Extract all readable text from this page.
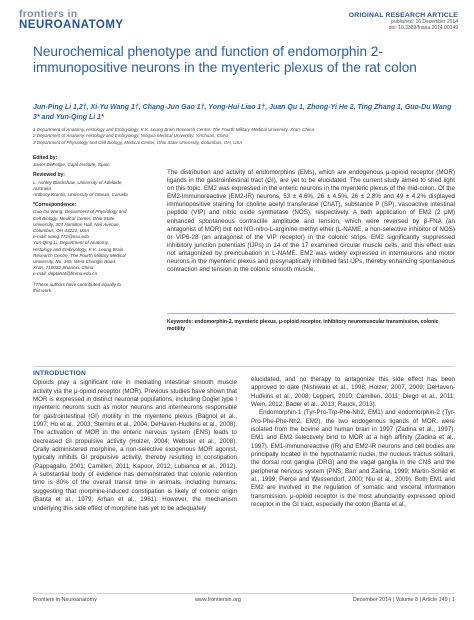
frontiers in
NEUROANATOMY
ORIGINAL RESEARCH ARTICLE
published: 16 December 2014
doi: 10.3389/fnana.2014.00149
Neurochemical phenotype and function of endomorphin 2-immunopositive neurons in the myenteric plexus of the rat colon
Jun-Ping Li 1,2†, Xi-Yu Wang 1†, Chang-Jun Gao 1†, Yong-Hui Liao 1†, Juan Qu 1, Zhong-Yi He 2, Ting Zhang 1, Guo-Du Wang 3* and Yun-Qing Li 1*
1 Department of Anatomy, Histology and Embryology, K.K. Leung Brain Research Centre, The Fourth Military Medical University, Xi'an, China
2 Department of Anatomy, Histology and Embryology, Ningxia Medical University, Yinchuan, China
3 Department of Physiology and Cell Biology, Medical Center, Ohio State University, Columbus, OH, USA
Edited by:
Javier DeFelipe, Cajal Institute, Spain
Reviewed by:
L. Ashley Blackshaw, University of Adelaide, Australia
Anthony Krantis, University of Ottawa, Canada
*Correspondence:
Guo-Du Wang, Department of Physiology and Cell Biology, Medical Center, Ohio State University, 303 Hamilton Hall, Neil Avenue, Columbus, OH 43221, USA
e-mail: wang.772@osu.edu
Yun-Qing Li, Department of Anatomy, Histology and Embryology, K.K. Leung Brain Research Centre, The Fourth Military Medical University, No. 169, West Changle Road, Xi'an, 710032 Shaanxi, China
e-mail: deptanat@fmmu.edu.cn
†These authors have contributed equally to this work.
The distribution and activity of endomorphins (EMs), which are endogenous μ-opioid receptor (MOR) ligands in the gastrointestinal tract (GI), are yet to be elucidated. The current study aimed to shed light on this topic. EM2 was expressed in the enteric neurons in the myenteric plexus of the mid-colon. Of the EM2-immunoreactive (EM2-IR) neurons, 53 ± 4.6%, 26 ± 4.5%, 26 ± 2.8% and 49 ± 4.2% displayed immunopositive staining for choline acetyl transferase (ChAT), substance P (SP), vasoactive intestinal peptide (VIP) and nitric oxide synthetase (NOS), respectively. A bath application of EM2 (2 μM) enhanced spontaneous contractile amplitude and tension, which were reversed by β-FNA (an antagonist of MOR) but not NG-nitro-L-arginine methyl ether (L-NAME, a non-selective inhibitor of NOS) or VIP6-28 (an antagonist of the VIP receptor) in the colonic strips. EM2 significantly suppressed inhibitory junction potentials (IJPs) in 14 of the 17 examined circular muscle cells, and this effect was not antagonized by preincubation in L-NAME. EM2 was widely expressed in interneurons and motor neurons in the myenteric plexus and presynaptically inhibited fast IJPs, thereby enhancing spontaneous contraction and tension in the colonic smooth muscle.
Keywords: endomorphin-2, myenteric plexus, μ-opioid receptor, inhibitory neuromuscular transmission, colonic motility
INTRODUCTION
Opioids play a significant role in mediating intestinal smooth muscle activity via the μ-opioid receptor (MOR). Previous studies have shown that MOR is expressed in distinct neuronal populations, including Dogiel type I myenteric neurons such as motor neurons and interneurons responsible for gastrointestinal (GI) motility in the myenteric plexus (Bagnol et al., 1997; Ho et al., 2003; Sternini et al., 2004; DeHaven-Hudkins et al., 2008). The activation of MOR in the enteric nervous system (ENS) leads to decreased GI propulsive activity (Holzer, 2004; Webster et al., 2008). Orally administered morphine, a non-selective exogenous MOR agonist, typically inhibits GI propulsive activity, thereby resulting in constipation (Pappagallo, 2001; Camilleri, 2011; Kapoor, 2012; Lubianca et al., 2012). A substantial body of evidence has demonstrated that colonic retention time is 80% of the overall transit time in animals, including humans, suggesting that morphine-induced constipation is likely of colonic origin (Banta et al., 1979; Arhan et al., 1981). However, the mechanism underlying this side effect of morphine has yet to be adequately
elucidated, and no therapy to antagonize this side effect has been approved to date (Nishiwaki et al., 1998; Holzer, 2007, 2009; DeHaven-Hudkins et al., 2008; Leppert, 2010; Camilleri, 2011; Diego et al., 2011; Wein, 2012; Bader et al., 2013; Rauck, 2013).
Endomorphin-1 (Tyr-Pro-Trp-Phe-Nh2, EM1) and endomorphin-2 (Tyr-Pro-Phe-Phe-Nh2, EM2), the two endogenous ligands of MOR, were isolated from the bovine and human brain in 1997 (Zadina et al., 1997). EM1 and EM2 selectively bind to MOR at a high affinity (Zadina et al., 1997). EM1-immunoreactive (IR) and EM2-IR neurons and cell bodies are principally located in the hypothalamic nuclei, the nucleus tractus solitarii, the dorsal root ganglia (DRG) and the vagal ganglia in the CNS and the peripheral nervous system (PNS; Barr and Zadina, 1999; Martin-Schild et al., 1999; Pierce and Wessendorf, 2000; Niu et al., 2009). Both EM1 and EM2 are involved in the regulation of somatic and visceral information transmission. μ-opioid receptor is the most abundantly expressed opioid receptor in the GI tract, especially the colon (Banta et al.,
Frontiers in Neuroanatomy	www.frontiersin.org	December 2014 | Volume 8 | Article 149 | 1
